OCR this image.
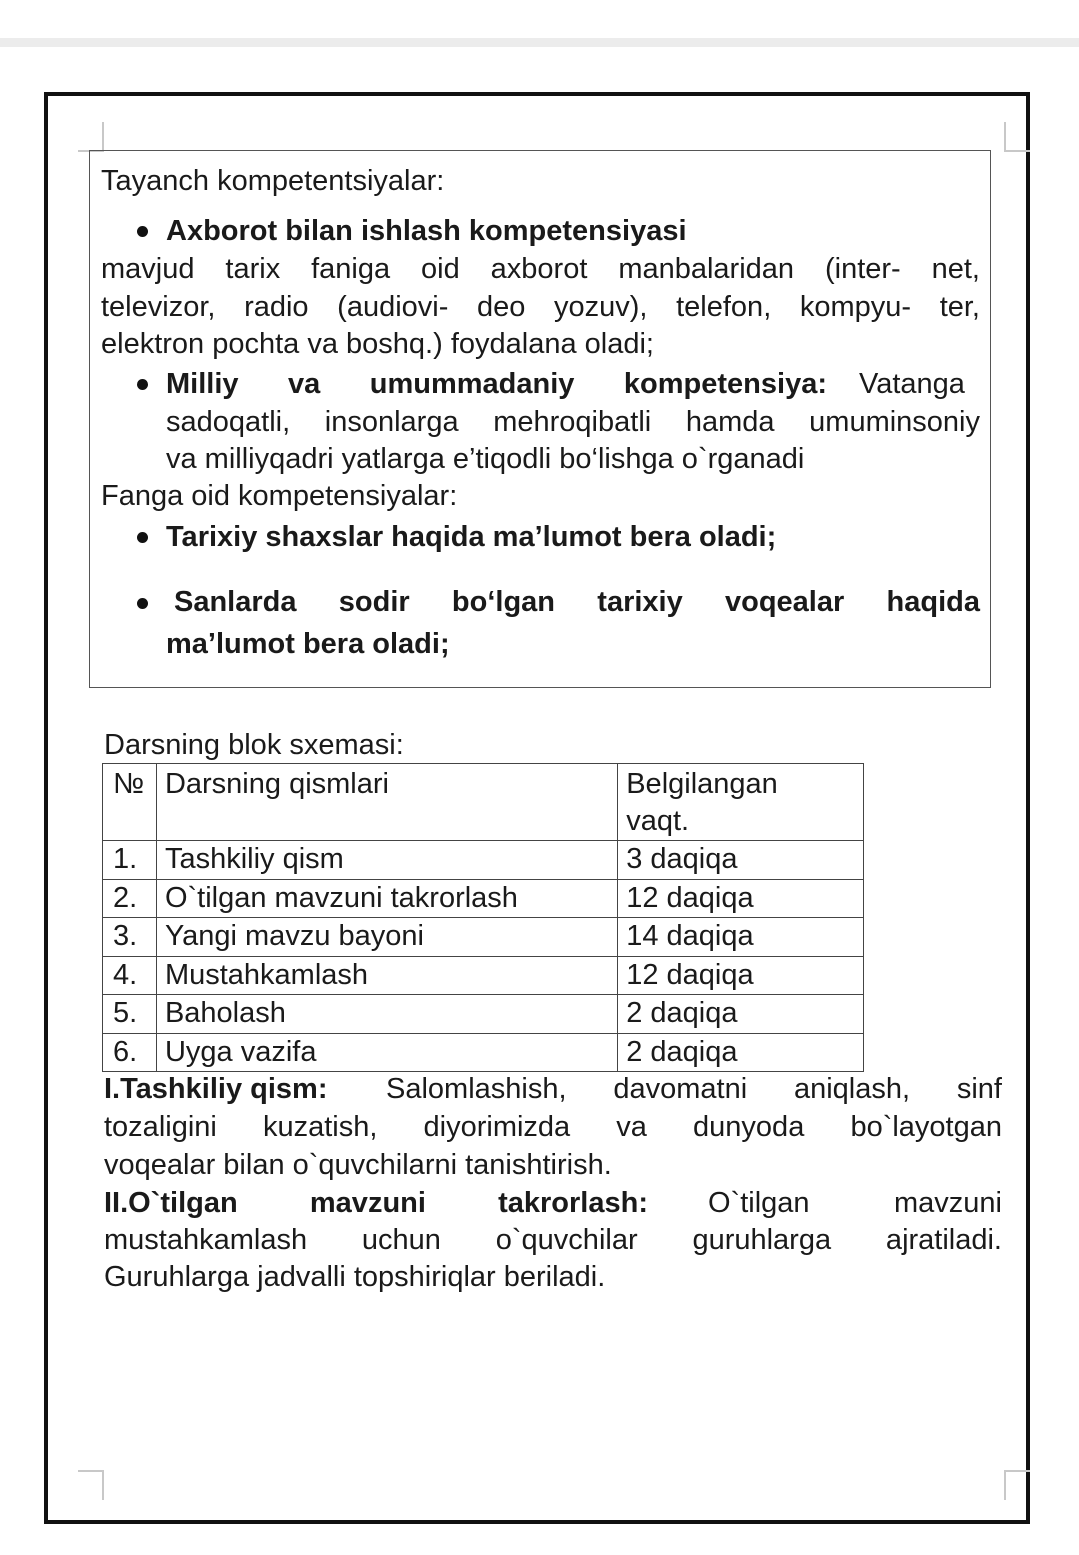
Tayanch kompetentsiyalar:
Axborot bilan ishlash kompetensiyasi
mavjud tarix faniga oid axborot manbalaridan (inter- net,
televizor, radio (audiovi- deo yozuv), telefon, kompyu- ter,
elektron pochta va boshq.) foydalana oladi;
Milliy va umummadaniy kompetensiya: Vatanga
sadoqatli, insonlarga mehroqibatli hamda umuminsoniy
va milliyqadri yatlarga e’tiqodli bo‘lishga o`rganadi
Fanga oid kompetensiyalar:
Tarixiy shaxslar haqida ma’lumot bera oladi;
Sanlarda sodir bo‘lgan tarixiy voqealar haqida
ma’lumot bera oladi;
Darsning blok sxemasi:
№	Darsning qismlari	Belgilangan
vaqt.

1.	Tashkiliy qism	3 daqiqa
2.	O`tilgan mavzuni takrorlash	12 daqiqa
3.	Yangi mavzu bayoni	14 daqiqa
4.	Mustahkamlash	12 daqiqa
5.	Baholash	2 daqiqa
6.	Uyga vazifa	2 daqiqa
I.Tashkiliy qism: Salomlashish, davomatni aniqlash, sinf
tozaligini kuzatish, diyorimizda va dunyoda bo`layotgan
voqealar bilan o`quvchilarni tanishtirish.
II.O`tilgan mavzuni takrorlash: O`tilgan mavzuni
mustahkamlash uchun o`quvchilar guruhlarga ajratiladi.
Guruhlarga jadvalli topshiriqlar beriladi.
